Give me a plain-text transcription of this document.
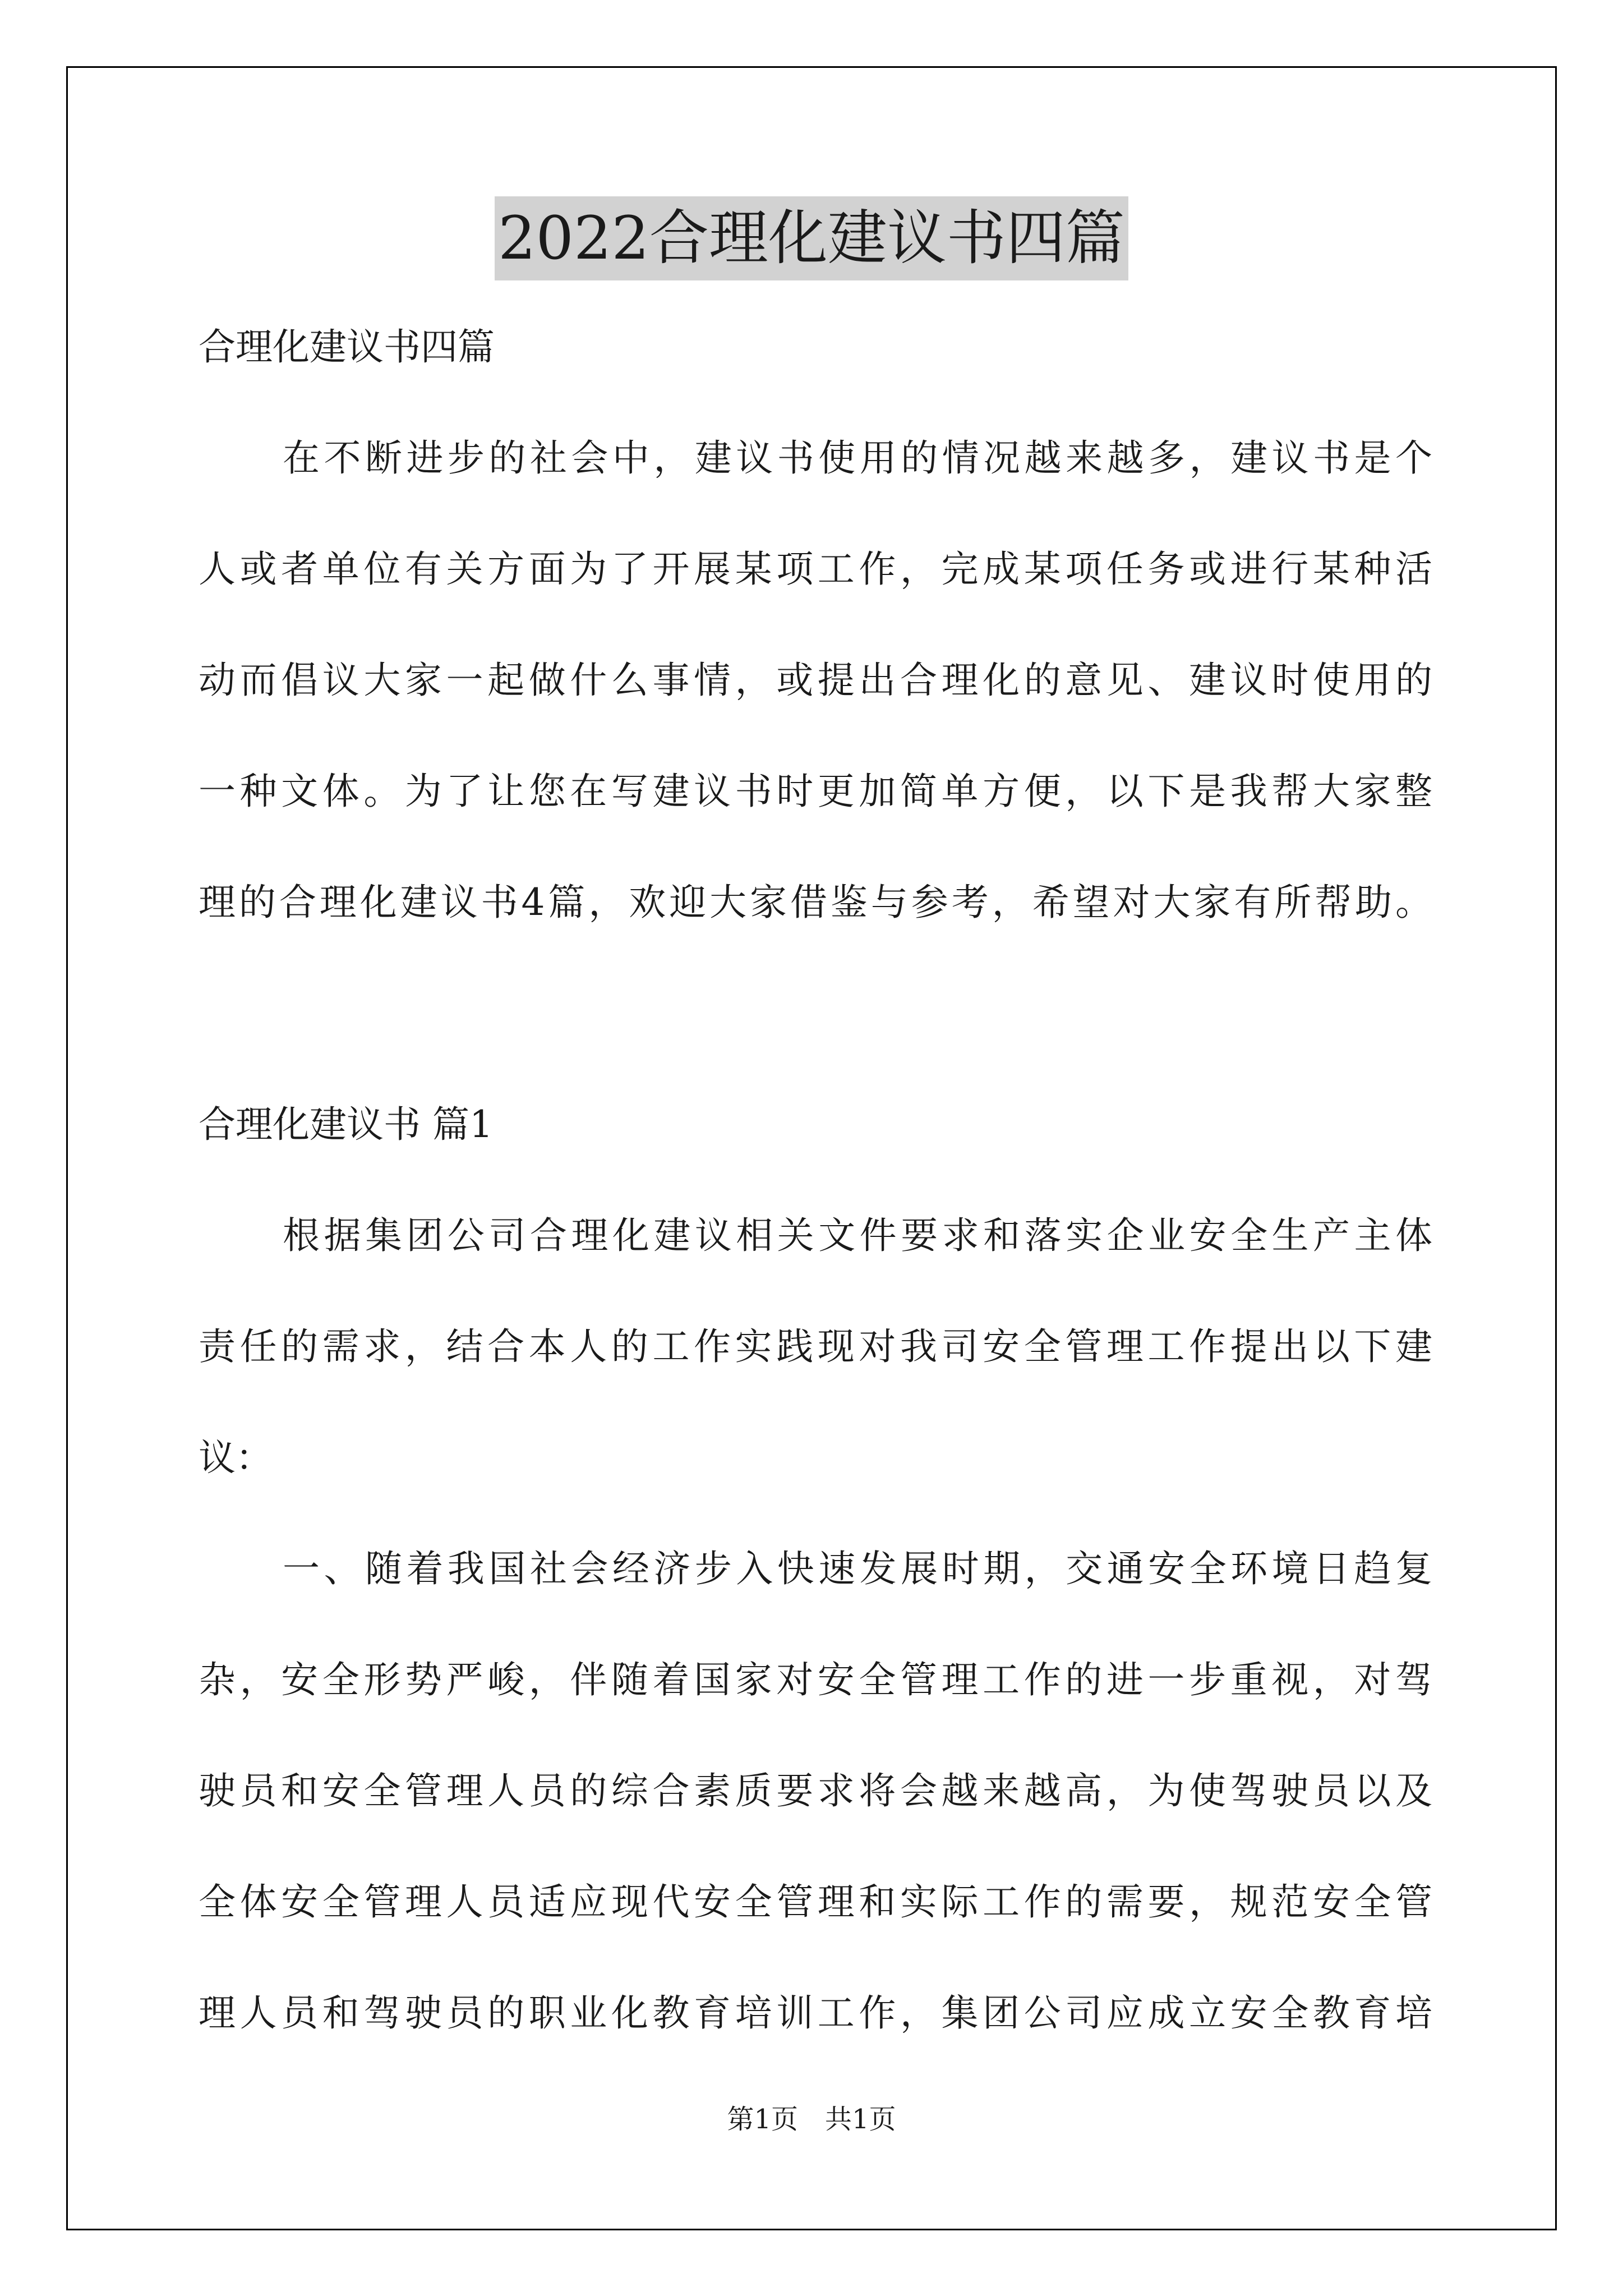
2022合理化建议书四篇
合理化建议书四篇
在不断进步的社会中，建议书使用的情况越来越多，建议书是个
人或者单位有关方面为了开展某项工作，完成某项任务或进行某种活
动而倡议大家一起做什么事情，或提出合理化的意见、建议时使用的
一种文体。为了让您在写建议书时更加简单方便，以下是我帮大家整
理的合理化建议书4篇，欢迎大家借鉴与参考，希望对大家有所帮助。
合理化建议书 篇1
根据集团公司合理化建议相关文件要求和落实企业安全生产主体
责任的需求，结合本人的工作实践现对我司安全管理工作提出以下建
议：
一、随着我国社会经济步入快速发展时期，交通安全环境日趋复
杂，安全形势严峻，伴随着国家对安全管理工作的进一步重视，对驾
驶员和安全管理人员的综合素质要求将会越来越高，为使驾驶员以及
全体安全管理人员适应现代安全管理和实际工作的需要，规范安全管
理人员和驾驶员的职业化教育培训工作，集团公司应成立安全教育培
第1页　共1页
